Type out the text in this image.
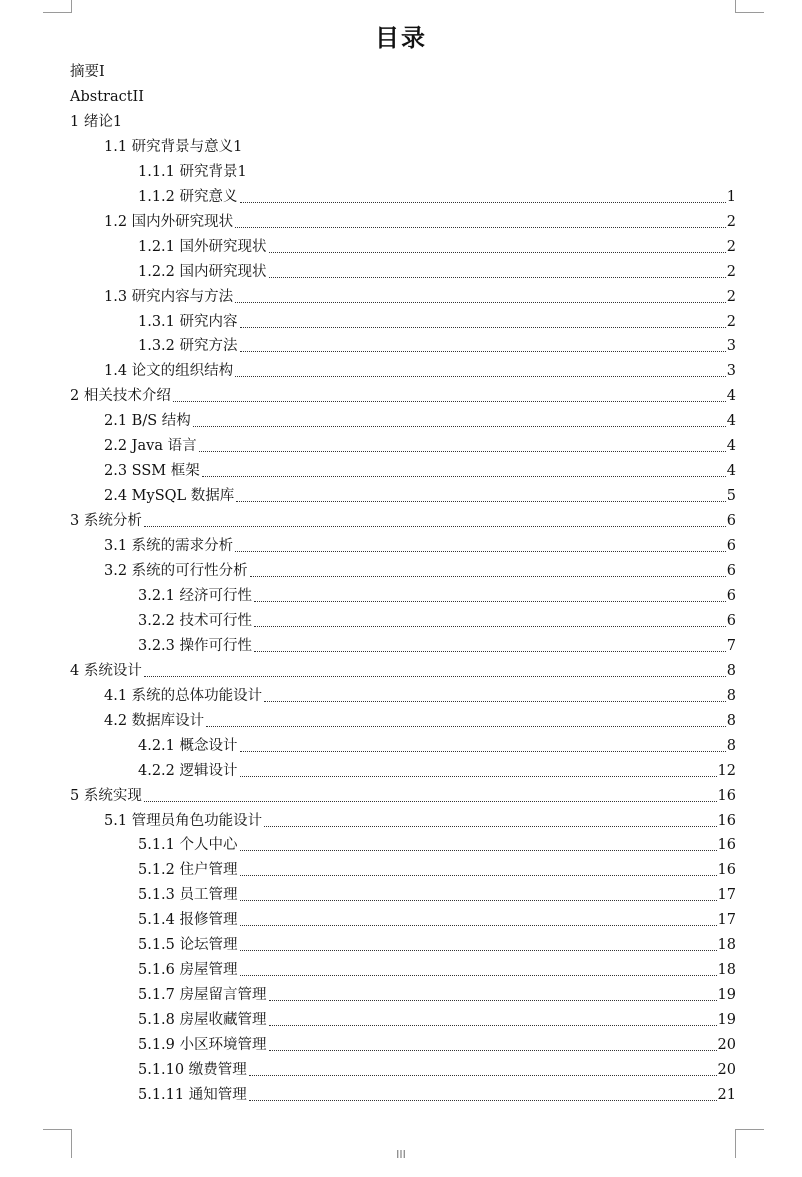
目录
摘要 I
Abstract II
1 绪论 1
1.1 研究背景与意义 1
1.1.1 研究背景 1
1.1.2 研究意义	1
1.2 国内外研究现状	2
1.2.1 国外研究现状	2
1.2.2 国内研究现状	2
1.3 研究内容与方法	2
1.3.1 研究内容	2
1.3.2 研究方法	3
1.4 论文的组织结构	3
2 相关技术介绍	4
2.1 B/S 结构	4
2.2 Java 语言	4
2.3 SSM 框架	4
2.4 MySQL 数据库	5
3 系统分析	6
3.1 系统的需求分析	6
3.2 系统的可行性分析	6
3.2.1 经济可行性	6
3.2.2 技术可行性	6
3.2.3 操作可行性	7
4 系统设计	8
4.1 系统的总体功能设计	8
4.2 数据库设计	8
4.2.1 概念设计	8
4.2.2 逻辑设计	12
5 系统实现	16
5.1 管理员角色功能设计	16
5.1.1 个人中心	16
5.1.2 住户管理	16
5.1.3 员工管理	17
5.1.4 报修管理	17
5.1.5 论坛管理	18
5.1.6 房屋管理	18
5.1.7 房屋留言管理	19
5.1.8 房屋收藏管理	19
5.1.9 小区环境管理	20
5.1.10 缴费管理	20
5.1.11 通知管理	21
III
